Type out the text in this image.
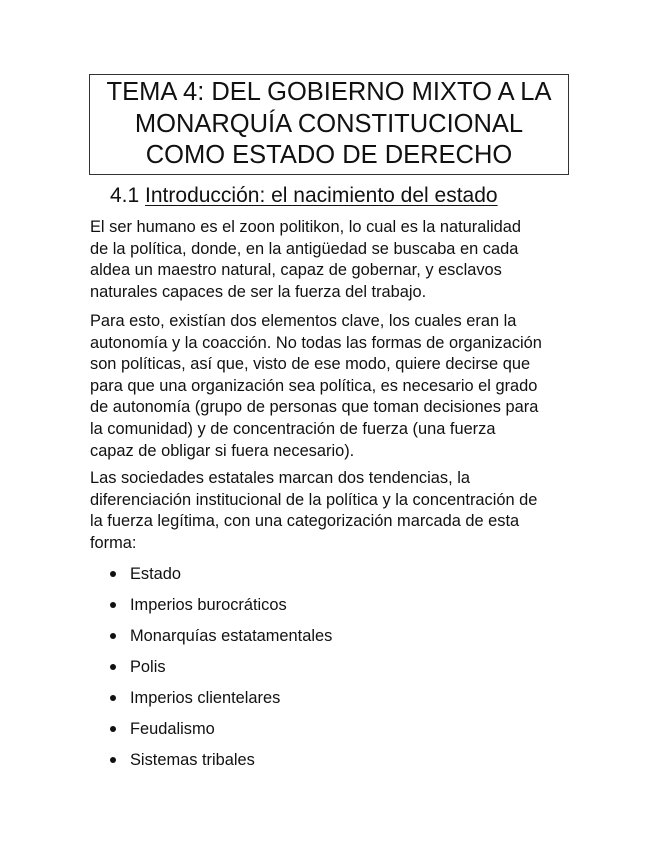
TEMA 4: DEL GOBIERNO MIXTO A LA
MONARQUÍA CONSTITUCIONAL
COMO ESTADO DE DERECHO
4.1 Introducción: el nacimiento del estado
El ser humano es el zoon politikon, lo cual es la naturalidad
de la política, donde, en la antigüedad se buscaba en cada
aldea un maestro natural, capaz de gobernar, y esclavos
naturales capaces de ser la fuerza del trabajo.
Para esto, existían dos elementos clave, los cuales eran la
autonomía y la coacción. No todas las formas de organización
son políticas, así que, visto de ese modo, quiere decirse que
para que una organización sea política, es necesario el grado
de autonomía (grupo de personas que toman decisiones para
la comunidad) y de concentración de fuerza (una fuerza
capaz de obligar si fuera necesario).
Las sociedades estatales marcan dos tendencias, la
diferenciación institucional de la política y la concentración de
la fuerza legítima, con una categorización marcada de esta
forma:
Estado
Imperios burocráticos
Monarquías estatamentales
Polis
Imperios clientelares
Feudalismo
Sistemas tribales
